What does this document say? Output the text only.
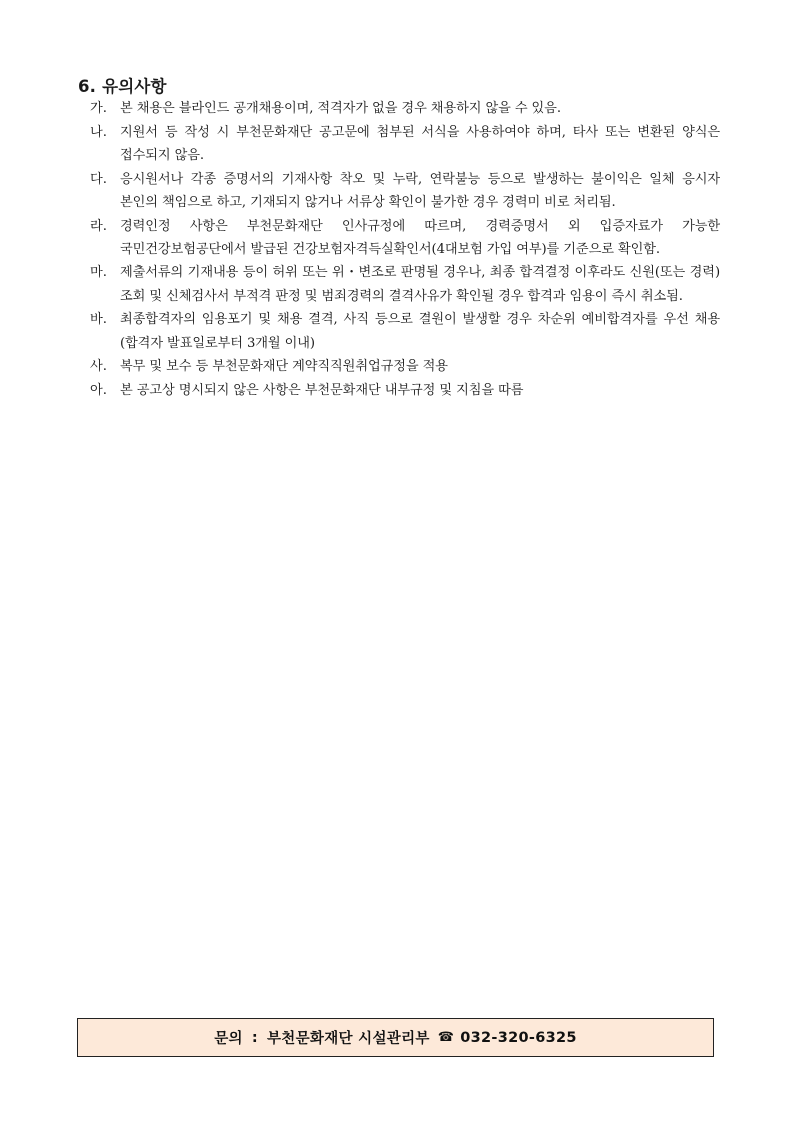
6. 유의사항
가. 본 채용은 블라인드 공개채용이며, 적격자가 없을 경우 채용하지 않을 수 있음.
나. 지원서 등 작성 시 부천문화재단 공고문에 첨부된 서식을 사용하여야 하며, 타사 또는 변환된 양식은 접수되지 않음.
다. 응시원서나 각종 증명서의 기재사항 착오 및 누락, 연락불능 등으로 발생하는 불이익은 일체 응시자 본인의 책임으로 하고, 기재되지 않거나 서류상 확인이 불가한 경우 경력미 비로 처리됨.
라. 경력인정 사항은 부천문화재단 인사규정에 따르며, 경력증명서 외 입증자료가 가능한 국민건강보험공단에서 발급된 건강보험자격득실확인서(4대보험 가입 여부)를 기준으로 확인함.
마. 제출서류의 기재내용 등이 허위 또는 위・변조로 판명될 경우나, 최종 합격결정 이후라도 신원(또는 경력) 조회 및 신체검사서 부적격 판정 및 범죄경력의 결격사유가 확인될 경우 합격과 임용이 즉시 취소됨.
바. 최종합격자의 임용포기 및 채용 결격, 사직 등으로 결원이 발생할 경우 차순위 예비합격자를 우선 채용(합격자 발표일로부터 3개월 이내)
사. 복무 및 보수 등 부천문화재단 계약직직원취업규정을 적용
아. 본 공고상 명시되지 않은 사항은 부천문화재단 내부규정 및 지침을 따름
문의 : 부천문화재단 시설관리부 ☎ 032-320-6325
